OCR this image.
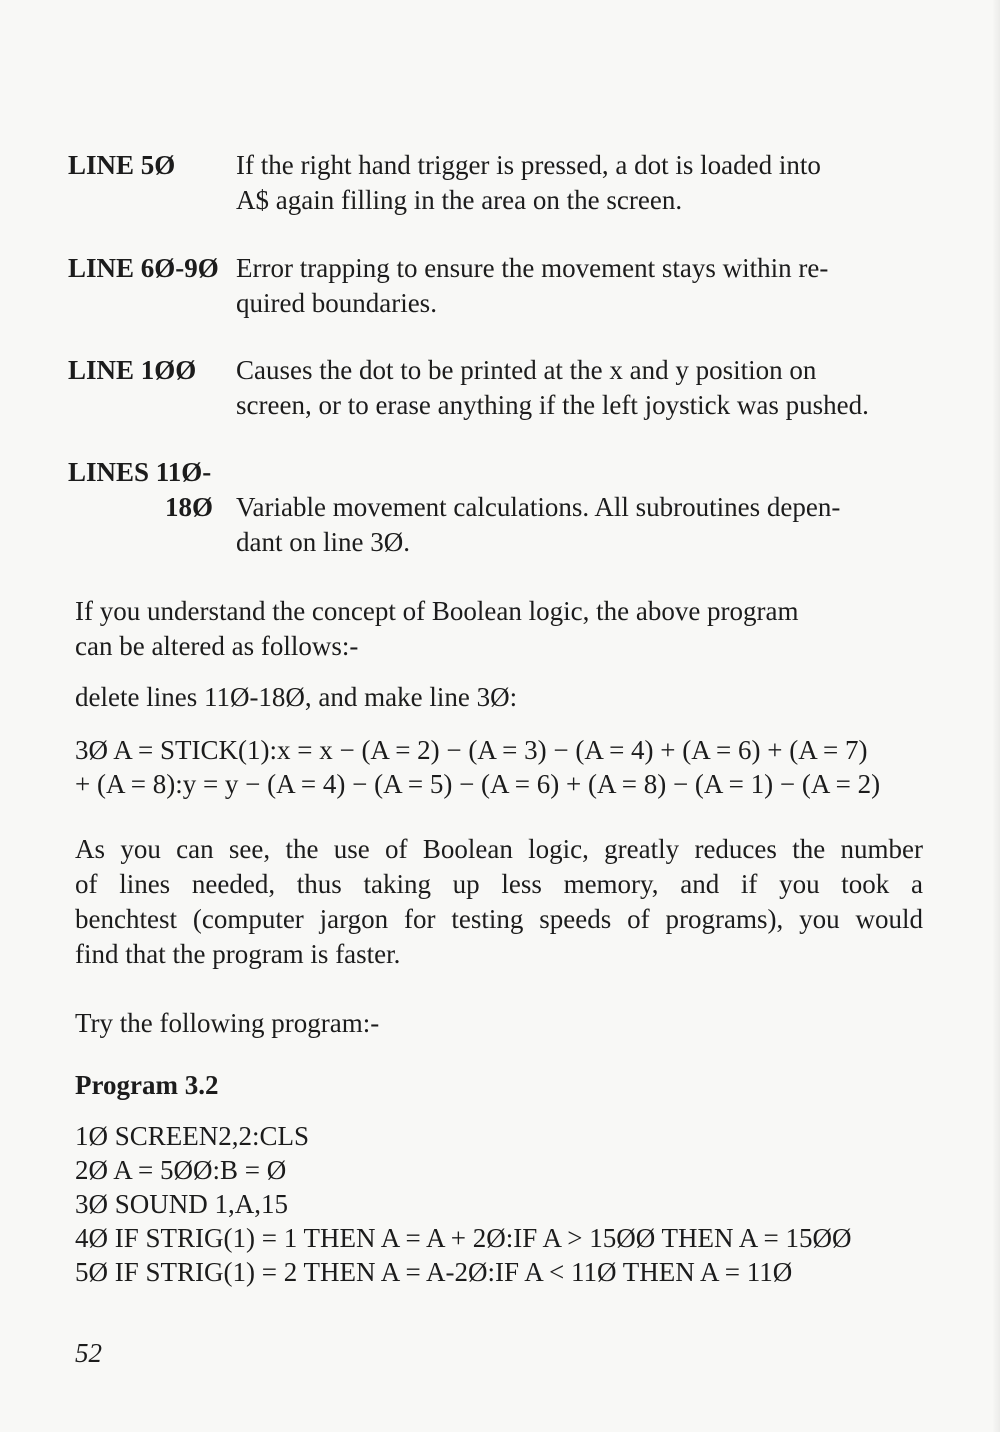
LINE 5Ø If the right hand trigger is pressed, a dot is loaded into
A$ again filling in the area on the screen.
LINE 6Ø-9Ø Error trapping to ensure the movement stays within re-
quired boundaries.
LINE 1ØØ Causes the dot to be printed at the x and y position on
screen, or to erase anything if the left joystick was pushed.
LINES 11Ø-
18Ø Variable movement calculations. All subroutines depen-
dant on line 3Ø.
If you understand the concept of Boolean logic, the above program
can be altered as follows:-
delete lines 11Ø-18Ø, and make line 3Ø:
3Ø A = STICK(1):x = x − (A = 2) − (A = 3) − (A = 4) + (A = 6) + (A = 7)
+ (A = 8):y = y − (A = 4) − (A = 5) − (A = 6) + (A = 8) − (A = 1) − (A = 2)
As you can see, the use of Boolean logic, greatly reduces the number
of lines needed, thus taking up less memory, and if you took a
benchtest (computer jargon for testing speeds of programs), you would
find that the program is faster.
Try the following program:-
Program 3.2
1Ø SCREEN2,2:CLS
2Ø A = 5ØØ:B = Ø
3Ø SOUND 1,A,15
4Ø IF STRIG(1) = 1 THEN A = A + 2Ø:IF A > 15ØØ THEN A = 15ØØ
5Ø IF STRIG(1) = 2 THEN A = A-2Ø:IF A < 11Ø THEN A = 11Ø
52
